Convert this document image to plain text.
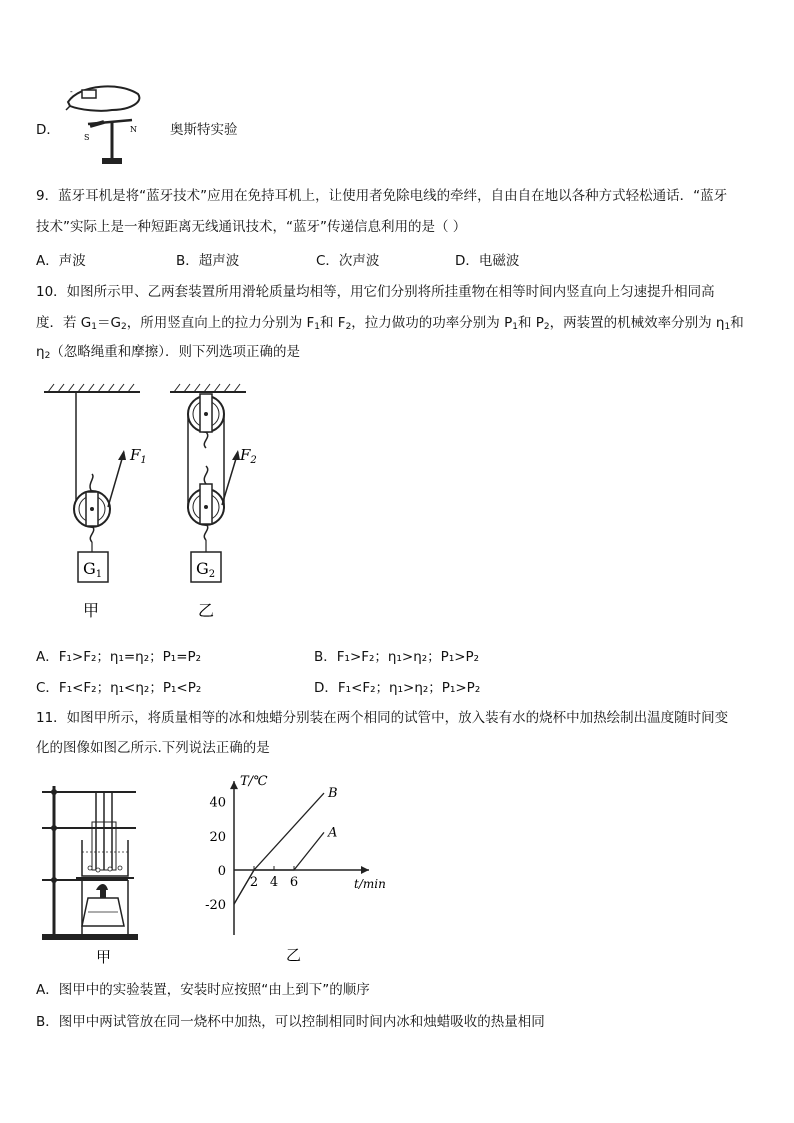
D．
-
S
N 奥斯特实验
9．蓝牙耳机是将“蓝牙技术”应用在免持耳机上，让使用者免除电线的牵绊，自由自在地以各种方式轻松通话．“蓝牙
技术”实际上是一种短距离无线通讯技术，“蓝牙”传递信息利用的是（ ）
A．声波	B．超声波	C．次声波	D．电磁波
10．如图所示甲、乙两套装置所用滑轮质量均相等，用它们分别将所挂重物在相等时间内竖直向上匀速提升相同高
度．若 $G_1=G_2$，所用竖直向上的拉力分别为 $F_1$和 $F_2$，拉力做功的功率分别为 $P_1$和 $P_2$，两装置的机械效率分别为 $\eta_1$和
$\eta_2$（忽略绳重和摩擦）．则下列选项正确的是
$F_1$
G1
甲
$F_2$
G2
乙
A．F₁>F₂；η₁=η₂；P₁=P₂	B．F₁>F₂；η₁>η₂；P₁>P₂
C．F₁<F₂；η₁<η₂；P₁<P₂	D．F₁<F₂；η₁>η₂；P₁>P₂
11．如图甲所示，将质量相等的冰和烛蜡分别装在两个相同的试管中，放入装有水的烧杯中加热绘制出温度随时间变
化的图像如图乙所示.下列说法正确的是
甲
T/℃
t/min
40
20
0
-20
2 4 6
B
A
乙
A．图甲中的实验装置，安装时应按照“由上到下”的顺序
B．图甲中两试管放在同一烧杯中加热，可以控制相同时间内冰和烛蜡吸收的热量相同
